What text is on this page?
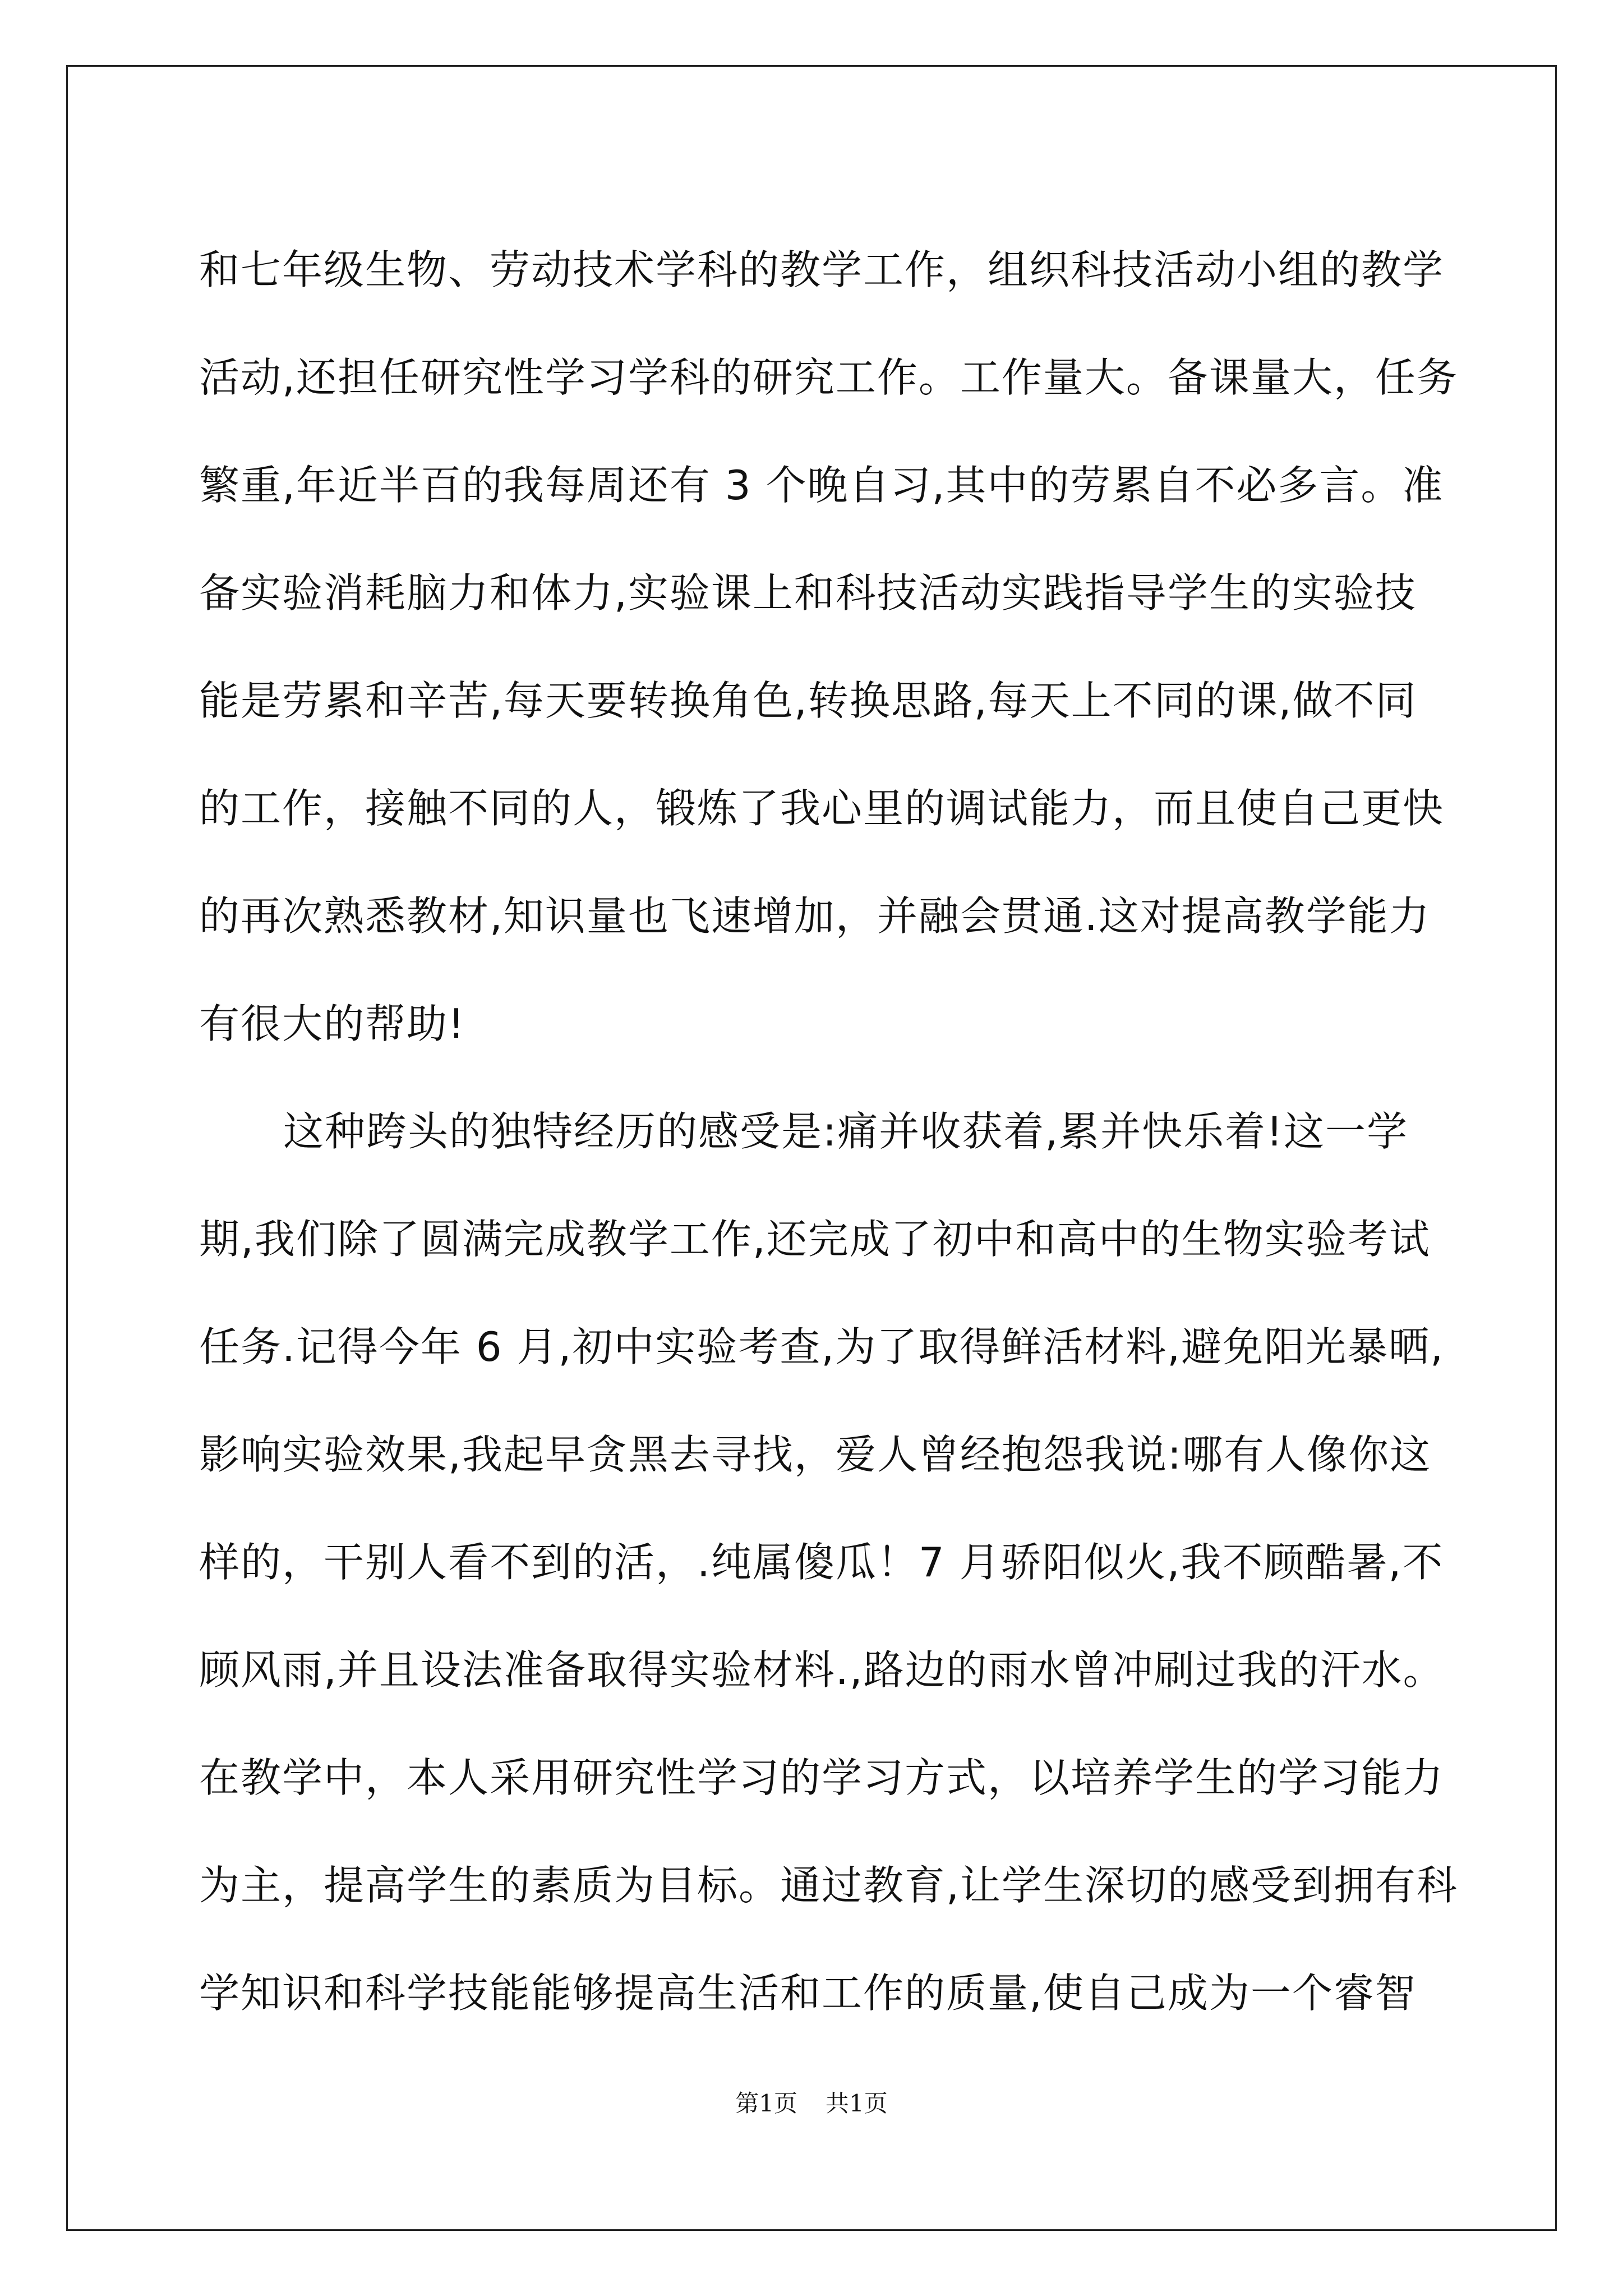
和七年级生物、劳动技术学科的教学工作，组织科技活动小组的教学
活动,还担任研究性学习学科的研究工作。工作量大。备课量大，任务
繁重,年近半百的我每周还有 3 个晚自习,其中的劳累自不必多言。准
备实验消耗脑力和体力,实验课上和科技活动实践指导学生的实验技
能是劳累和辛苦,每天要转换角色,转换思路,每天上不同的课,做不同
的工作，接触不同的人，锻炼了我心里的调试能力，而且使自己更快
的再次熟悉教材,知识量也飞速增加，并融会贯通.这对提高教学能力
有很大的帮助!
这种跨头的独特经历的感受是:痛并收获着,累并快乐着!这一学
期,我们除了圆满完成教学工作,还完成了初中和高中的生物实验考试
任务.记得今年 6 月,初中实验考查,为了取得鲜活材料,避免阳光暴晒,
影响实验效果,我起早贪黑去寻找，爱人曾经抱怨我说:哪有人像你这
样的，干别人看不到的活，.纯属傻瓜！7 月骄阳似火,我不顾酷暑,不
顾风雨,并且设法准备取得实验材料.,路边的雨水曾冲刷过我的汗水。
在教学中，本人采用研究性学习的学习方式，以培养学生的学习能力
为主，提高学生的素质为目标。通过教育,让学生深切的感受到拥有科
学知识和科学技能能够提高生活和工作的质量,使自己成为一个睿智
第1页 共1页
